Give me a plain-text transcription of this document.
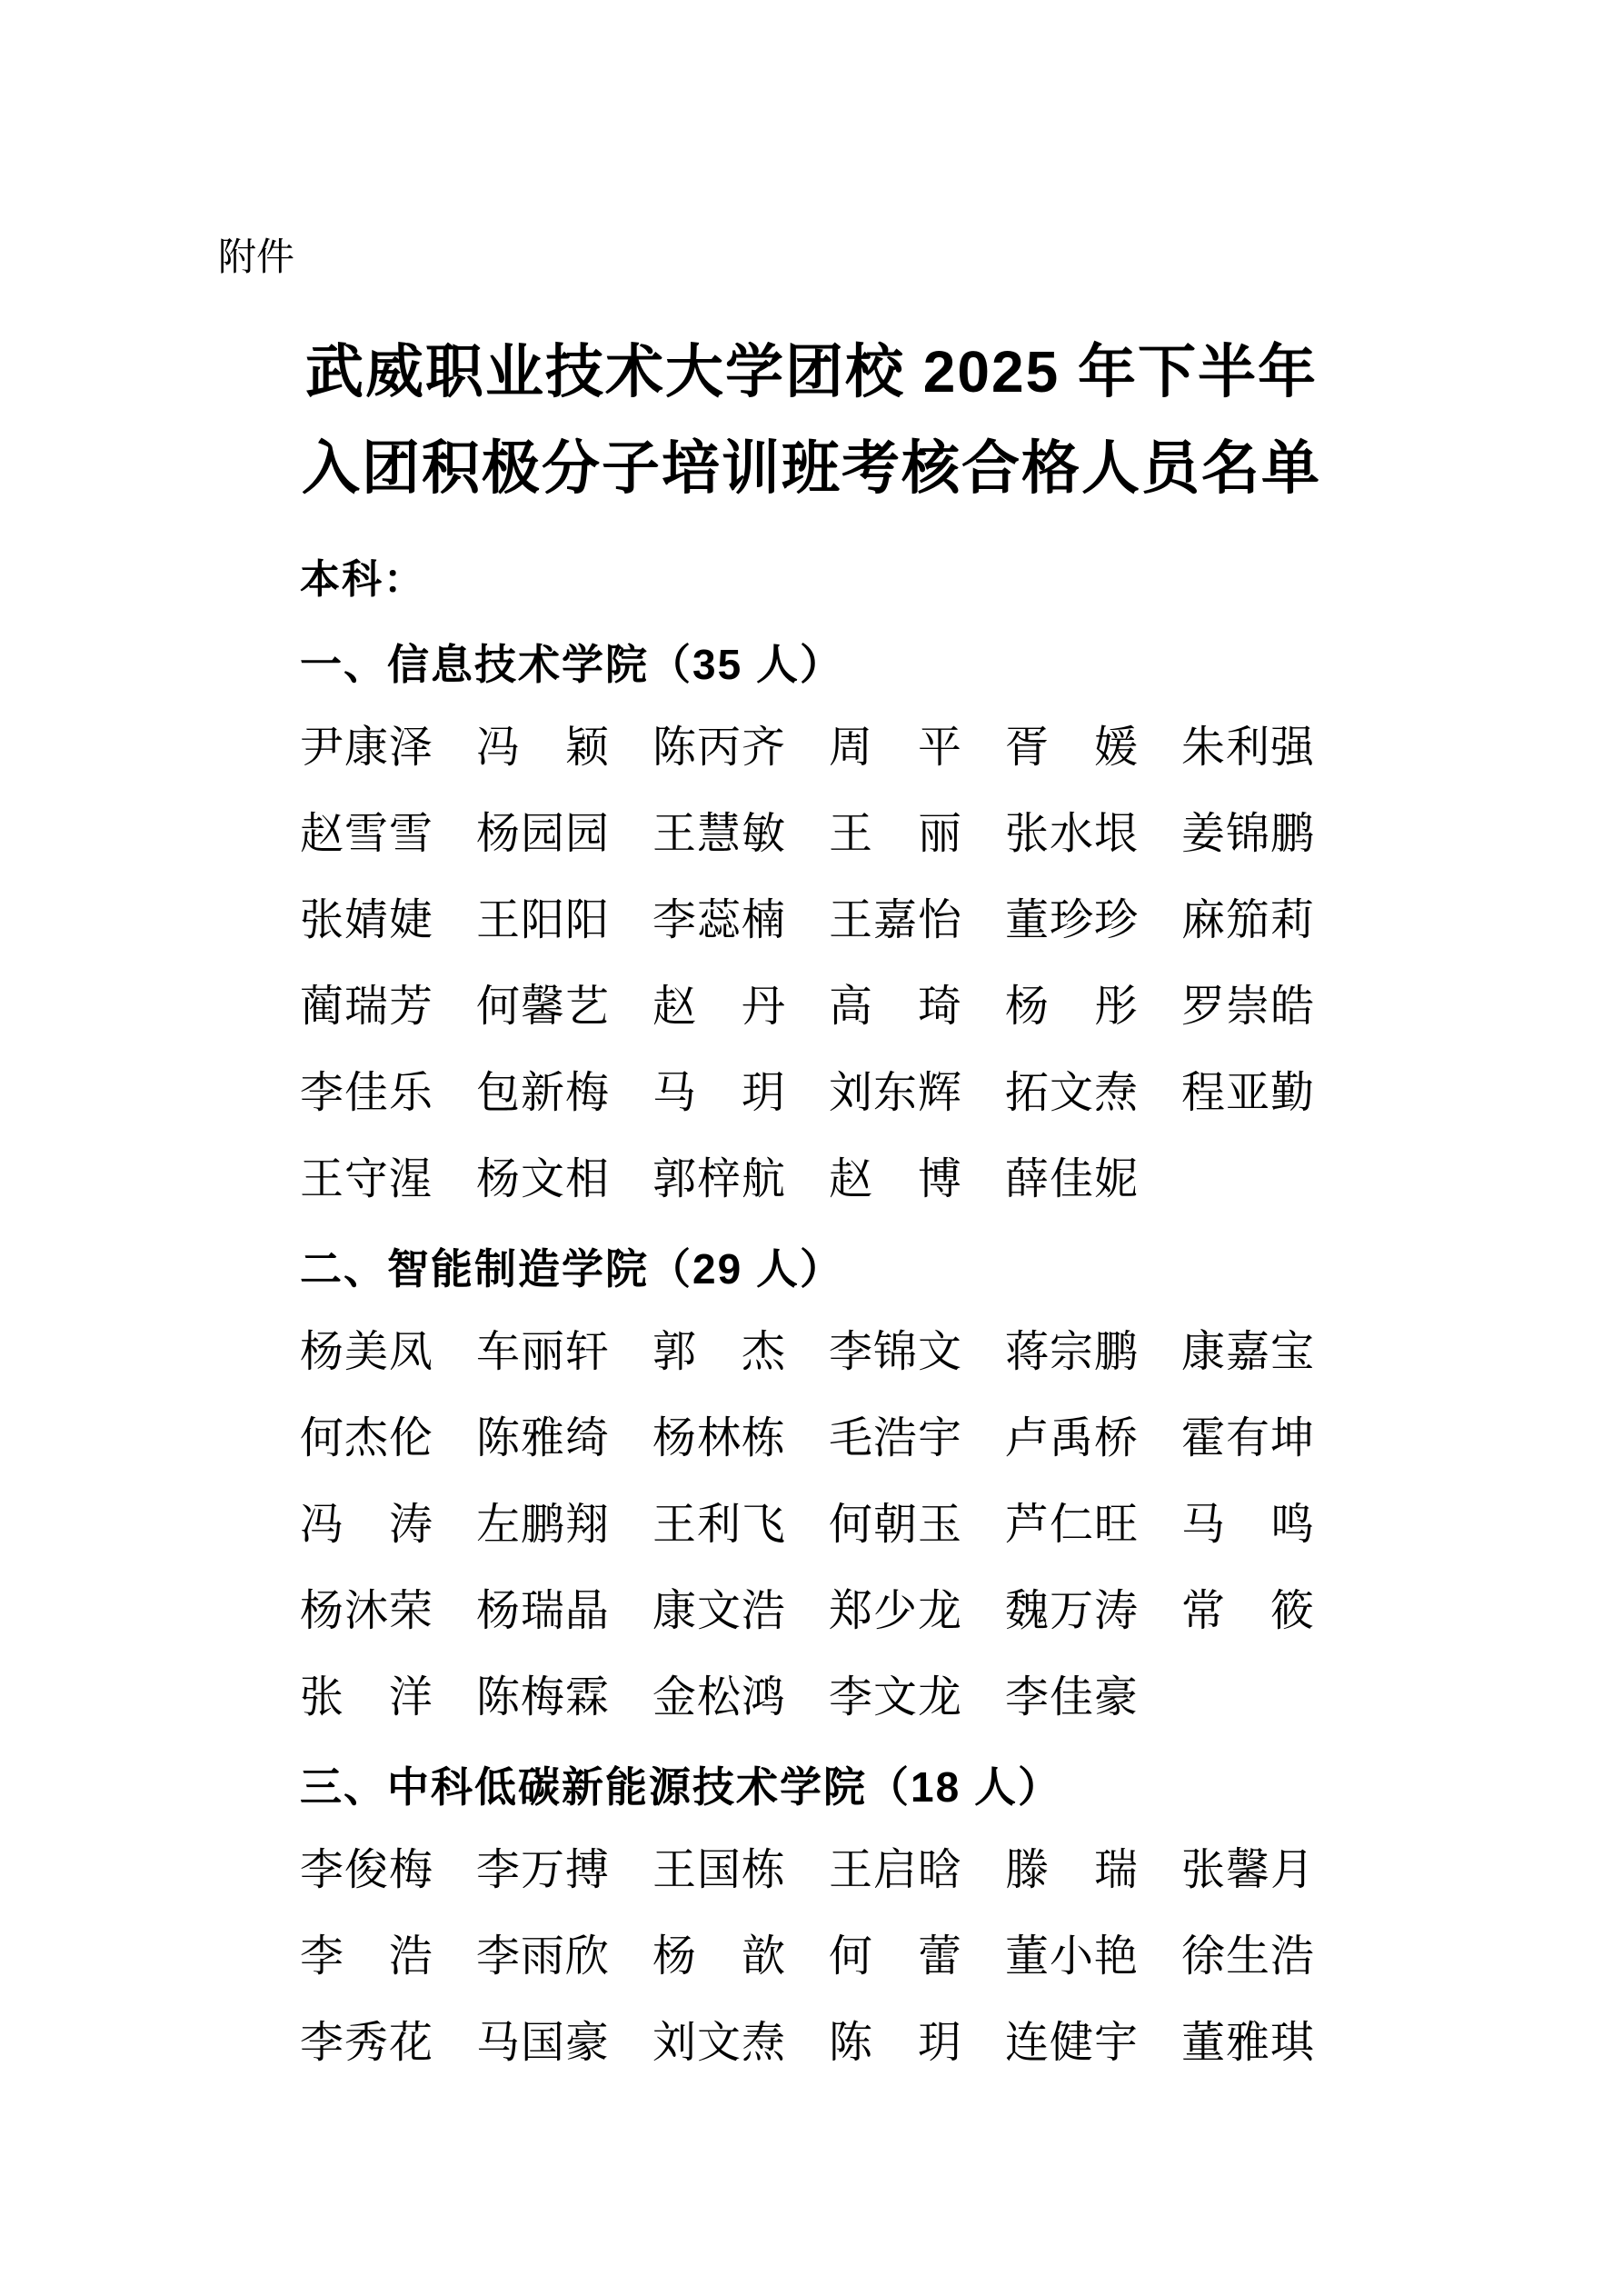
附件
武威职业技术大学团校 2025 年下半年
入团积极分子培训班考核合格人员名单
本科：
一、信息技术学院（35 人）
尹 康 泽 冯 颖 陈 丙 齐 周 平 胥 媛 朱 利 强
赵 雪 雪 杨 园 园 王 慧 敏 王 丽 张 水 垠 姜 锦 鹏
张 婧 婕 王 阳 阳 李 蕊 楠 王 嘉 怡 董 珍 珍 麻 笳 莉
蔺 瑞 芳 何 馨 艺 赵 丹 高 琦 杨 彤 罗 崇 皓
李 佳 乐 包 新 梅 马 玥 刘 东 辉 拓 文 焘 程 亚 勤
王 守 湦 杨 文 相 郭 梓 航 赵 博 薛 佳 妮
二、智能制造学院（29 人）
杨 美 凤 车 丽 轩 郭 杰 李 锦 文 蒋 宗 鹏 康 嘉 宝
何 杰 伦 陈 雅 绮 杨 林 栋 毛 浩 宇 卢 禹 桥 霍 有 坤
冯 涛 左 鹏 翔 王 利 飞 何 朝 玉 芦 仁 旺 马 鸣
杨 沐 荣 杨 瑞 晶 康 文 浩 郑 少 龙 魏 万 涛 常 筱
张 洋 陈 梅 霖 金 松 鸿 李 文 龙 李 佳 豪
三、中科低碳新能源技术学院（18 人）
李 俊 梅 李 万 搏 王 国 栋 王 启 晗 滕 瑞 张 馨 月
李 浩 李 雨 欣 杨 歆 何 蕾 董 小 艳 徐 生 浩
李 秀 花 马 国 豪 刘 文 焘 陈 玥 连 健 宇 董 雅 琪
